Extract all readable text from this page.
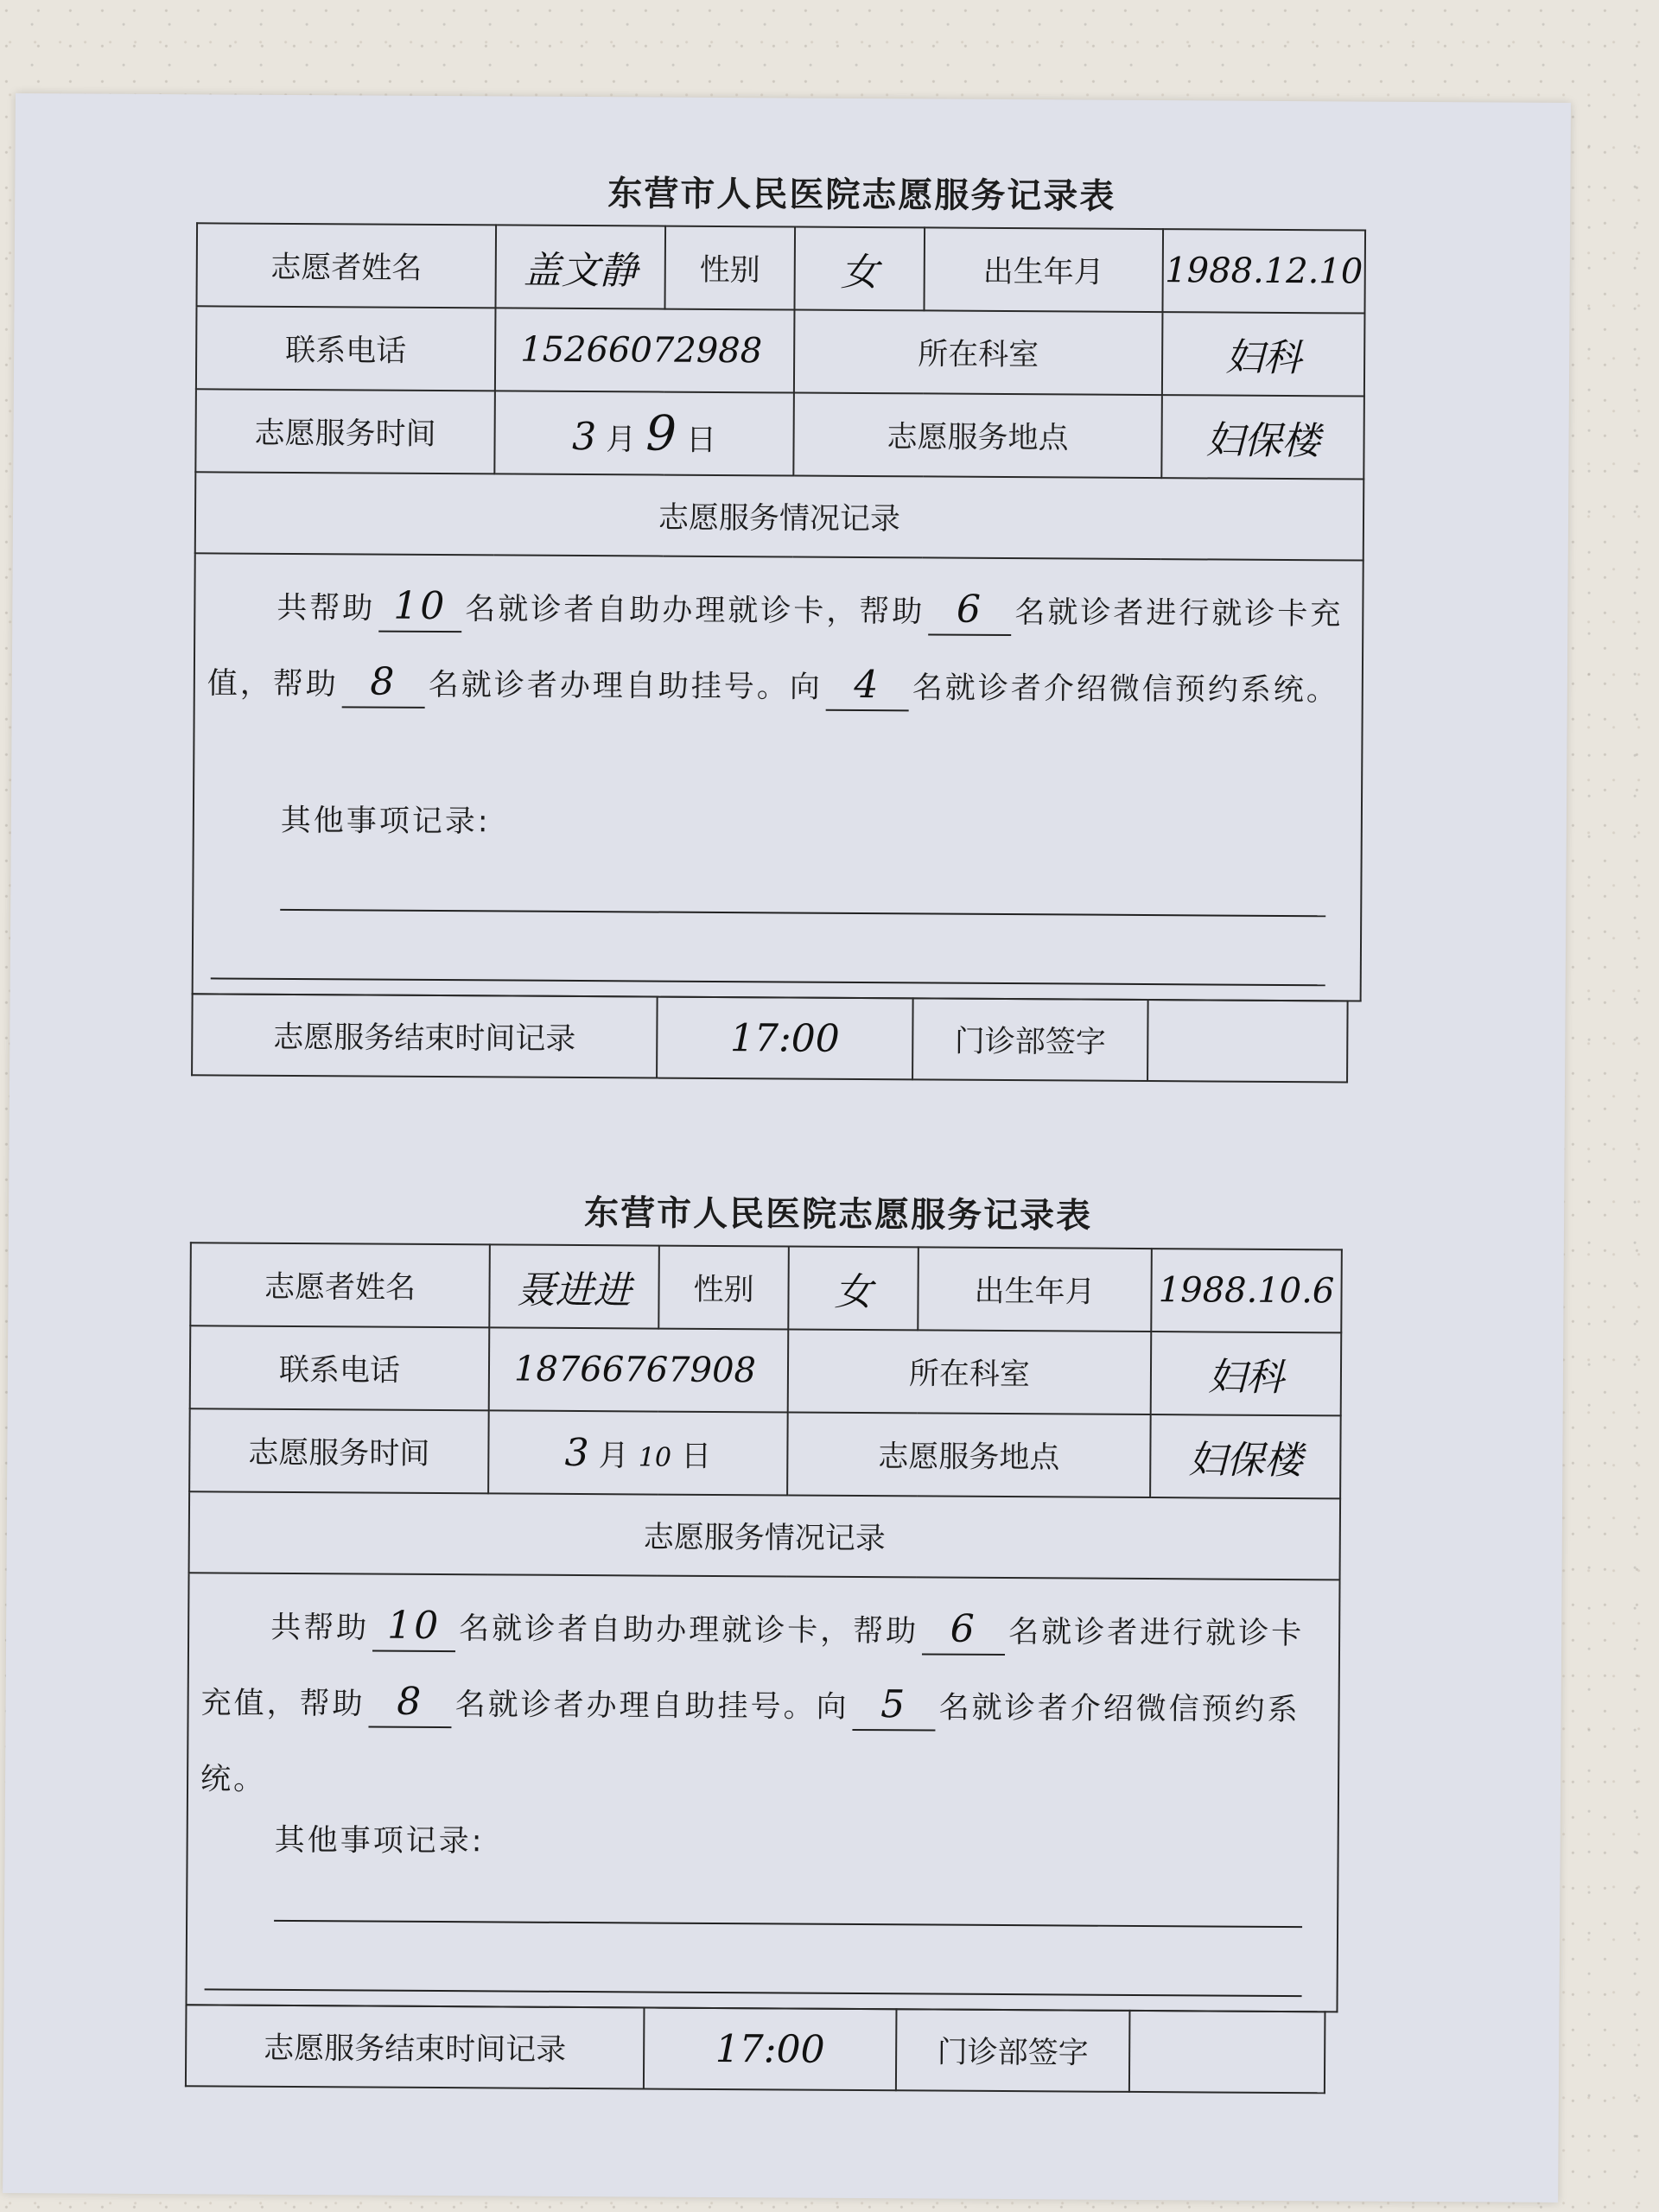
东营市人民医院志愿服务记录表
志愿者姓名	盖文静	性别	女	出生年月	1988.12.10
联系电话	15266072988		所在科室		妇科
志愿服务时间	3 月 9 日		志愿服务地点		妇保楼
志愿服务情况记录					

共帮助 10 名就诊者自助办理就诊卡，帮助 6 名就诊者进行就诊卡充值，帮助 8 名就诊者办理自助挂号。向 4 名就诊者介绍微信预约系统。
其他事项记录:					
志愿服务结束时间记录	17:00	门诊部签字	
东营市人民医院志愿服务记录表
志愿者姓名	聂进进	性别	女	出生年月	1988.10.6
联系电话	18766767908		所在科室		妇科
志愿服务时间	3 月 10 日		志愿服务地点		妇保楼
志愿服务情况记录					

共帮助 10 名就诊者自助办理就诊卡，帮助 6 名就诊者进行就诊卡充值，帮助 8 名就诊者办理自助挂号。向 5 名就诊者介绍微信预约系统。
其他事项记录:					
志愿服务结束时间记录	17:00	门诊部签字	
